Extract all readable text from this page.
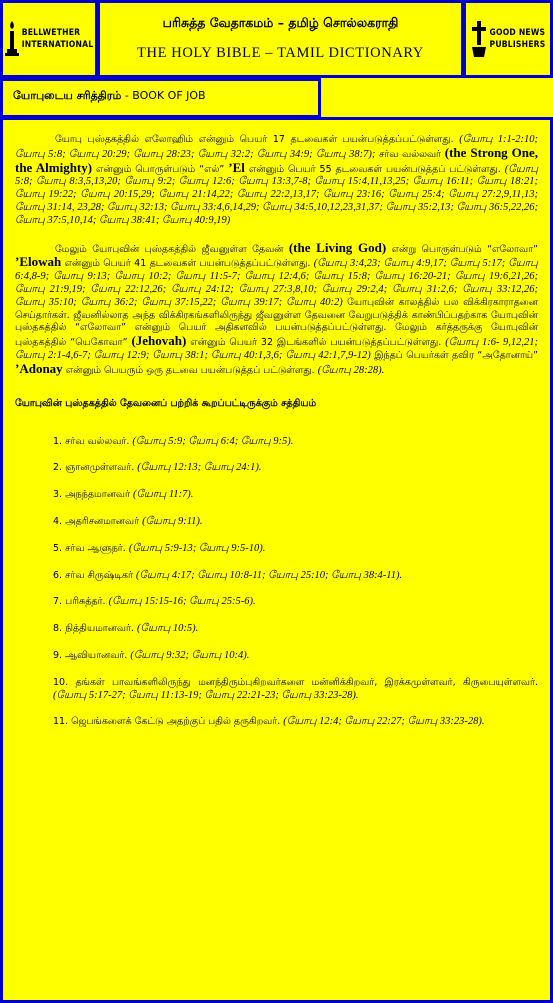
BELLWETHER
INTERNATIONAL
பரிசுத்த வேதாகமம் – தமிழ் சொல்லகராதி
THE HOLY BIBLE – TAMIL DICTIONARY
GOOD NEWS
PUBLISHERS
யோபுடைய சரித்திரம் - BOOK OF JOB

யோபு புஸ்தகத்தில் எலோஹிம் என்னும் பெயர் 17 தடவைகள் பயன்படுத்தப்பட்டுள்ளது. (யோபு 1:1-2:10; யோபு 5:8; யோபு 20:29; யோபு 28:23; யோபு 32:2; யோபு 34:9; யோபு 38:7); சர்வ வல்லவர் (the Strong One, the Almighty) என்னும் பொருள்படும் “எல்” ’El என்னும் பெயர் 55 தடவைகள் பயன்படுத்தப் பட்டுள்ளது. (யோபு 5:8; யோபு 8:3,5,13,20; யோபு 9:2; யோபு 12:6; யோபு 13:3,7-8; யோபு 15:4,11,13,25; யோபு 16:11; யோபு 18:21; யோபு 19:22; யோபு 20:15,29; யோபு 21:14,22; யோபு 22:2,13,17; யோபு 23:16; யோபு 25:4; யோபு 27:2,9,11,13; யோபு 31:14, 23,28; யோபு 32:13; யோபு 33:4,6,14,29; யோபு 34:5,10,12,23,31,37; யோபு 35:2,13; யோபு 36:5,22,26; யோபு 37:5,10,14; யோபு 38:41; யோபு 40:9,19)

மேலும் யோபுவின் புஸ்தகத்தில் ஜீவனுள்ள தேவன் (the Living God) என்று பொருள்படும் “எலோவா” ’Elowah என்னும் பெயர் 41 தடவைகள் பயன்படுத்தப்பட்டுள்ளது. (யோபு 3:4,23; யோபு 4:9,17; யோபு 5:17; யோபு 6:4,8-9; யோபு 9:13; யோபு 10:2; யோபு 11:5-7; யோபு 12:4,6; யோபு 15:8; யோபு 16:20-21; யோபு 19:6,21,26; யோபு 21:9,19; யோபு 22:12,26; யோபு 24:12; யோபு 27:3,8,10; யோபு 29:2,4; யோபு 31:2,6; யோபு 33:12,26; யோபு 35:10; யோபு 36:2; யோபு 37:15,22; யோபு 39:17; யோபு 40:2) யோபுவின் காலத்தில் பல விக்கிரகாராதனை செய்தார்கள். ஜீவனில்லாத அந்த விக்கிரகங்களிலிருந்து ஜீவனுள்ள தேவனை வேறுபடுத்திக் காண்பிப்பதற்காக யோபுவின் புஸ்தகத்தில் “எலோவா” என்னும் பெயர் அதிகளவில் பயன்படுத்தப்பட்டுள்ளது. மேலும் கர்த்தருக்கு யோபுவின் புஸ்தகத்தில் “யெகோவா” (Jehovah) என்னும் பெயர் 32 இடங்களில் பயன்படுத்தப்பட்டுள்ளது. (யோபு 1:6- 9,12,21; யோபு 2:1-4,6-7; யோபு 12:9; யோபு 38:1; யோபு 40:1,3,6; யோபு 42:1,7,9-12) இந்தப் பெயர்கள் தவிர “அதோனாய்” ’Adonay என்னும் பெயரும் ஒரு தடவை பயன்படுத்தப் பட்டுள்ளது. (யோபு 28:28).

யோபுவின் புஸ்தகத்தில் தேவனைப் பற்றிக் கூறப்பட்டிருக்கும் சத்தியம்
1. சர்வ வல்லவர். (யோபு 5:9; யோபு 6:4; யோபு 9:5).
2. ஞானமுள்ளவர். (யோபு 12:13; யோபு 24:1).
3. அநந்தமானவர் (யோபு 11:7).
4. அதரிசனமானவர் (யோபு 9:11).
5. சர்வ ஆளுநர். (யோபு 5:9-13; யோபு 9:5-10).
6. சர்வ சிருஷ்டிகர் (யோபு 4:17; யோபு 10:8-11; யோபு 25:10; யோபு 38:4-11).
7. பரிசுத்தர். (யோபு 15:15-16; யோபு 25:5-6).
8. நித்தியமானவர். (யோபு 10:5).
9. ஆவியானவர். (யோபு 9:32; யோபு 10:4).
10. தங்கள் பாவங்களிலிருந்து மனந்திரும்புகிறவர்களை மன்னிக்கிறவர், இரக்கமுள்ளவர், கிருபையுள்ளவர். (யோபு 5:17-27; யோபு 11:13-19; யோபு 22:21-23; யோபு 33:23-28).
11. ஜெபங்களைக் கேட்டு அதற்குப் பதில் தருகிறவர். (யோபு 12:4; யோபு 22:27; யோபு 33:23-28).
